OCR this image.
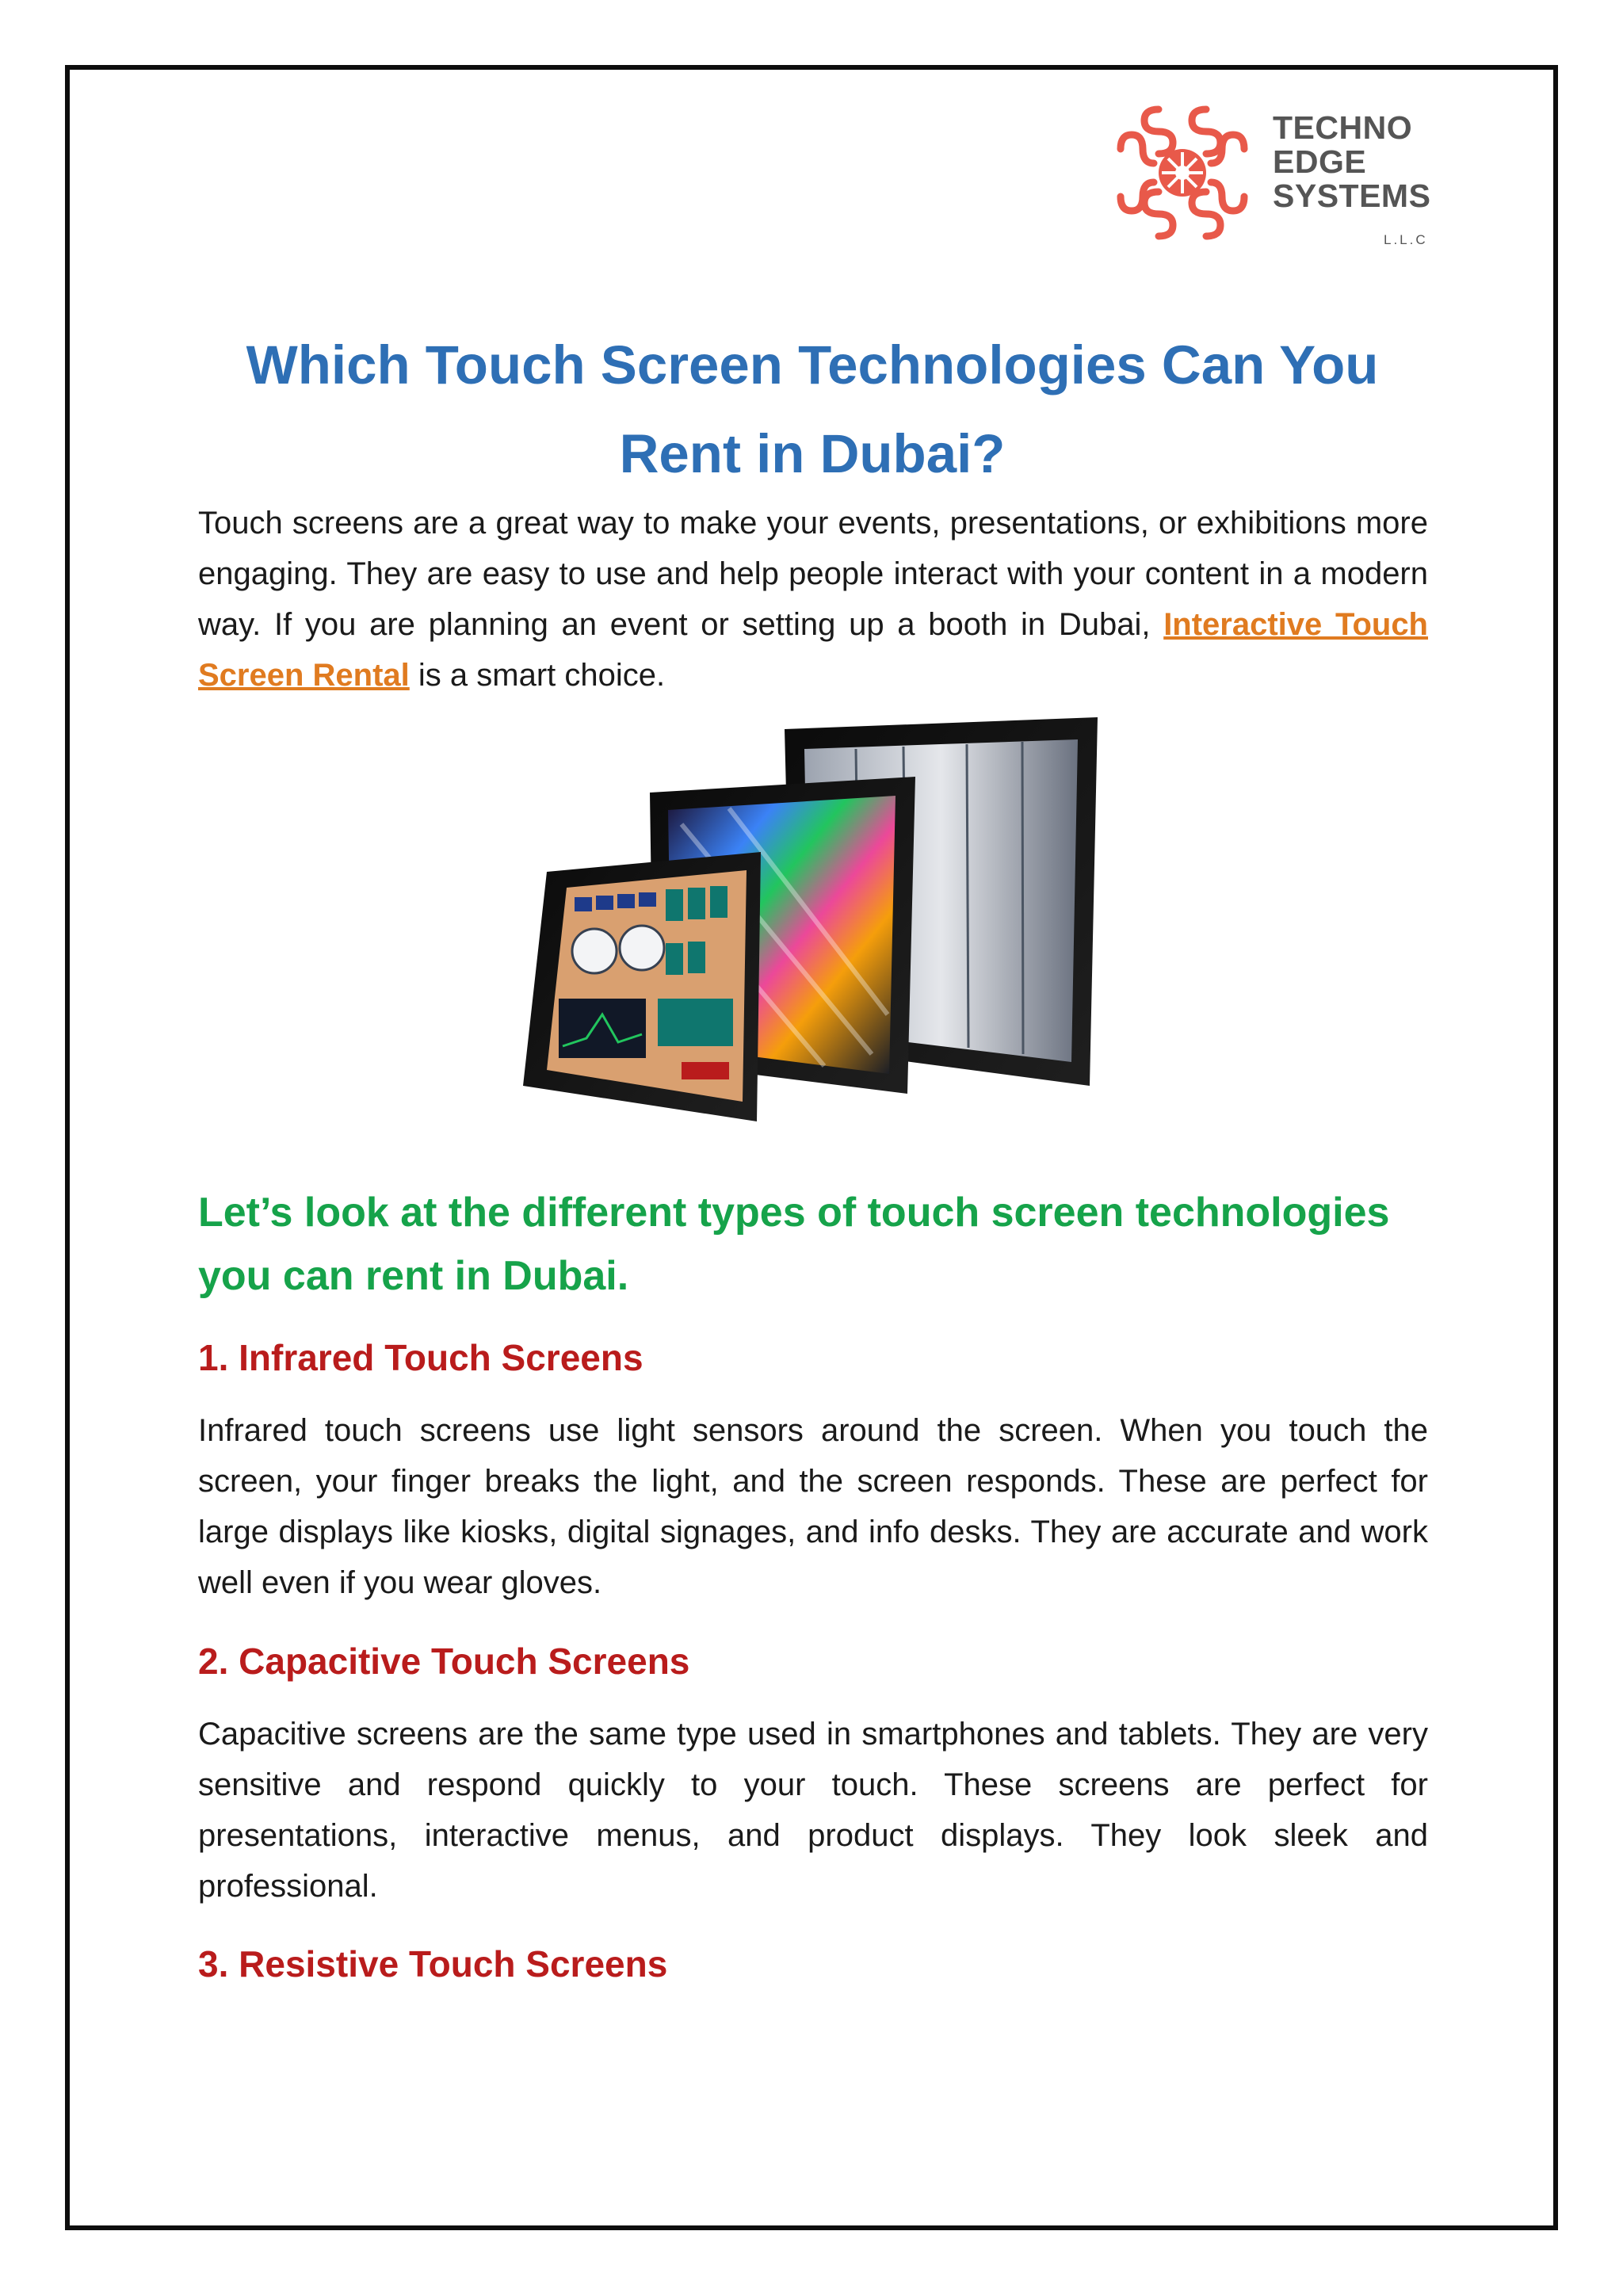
TECHNO
EDGE
SYSTEMS
L.L.C
Which Touch Screen Technologies Can You Rent in Dubai?
Touch screens are a great way to make your events, presentations, or exhibitions more engaging. They are easy to use and help people interact with your content in a modern way. If you are planning an event or setting up a booth in Dubai, Interactive Touch Screen Rental is a smart choice.
Let’s look at the different types of touch screen technologies you can rent in Dubai.
1. Infrared Touch Screens
Infrared touch screens use light sensors around the screen. When you touch the screen, your finger breaks the light, and the screen responds. These are perfect for large displays like kiosks, digital signages, and info desks. They are accurate and work well even if you wear gloves.
2. Capacitive Touch Screens
Capacitive screens are the same type used in smartphones and tablets. They are very sensitive and respond quickly to your touch. These screens are perfect for presentations, interactive menus, and product displays. They look sleek and professional.
3. Resistive Touch Screens
